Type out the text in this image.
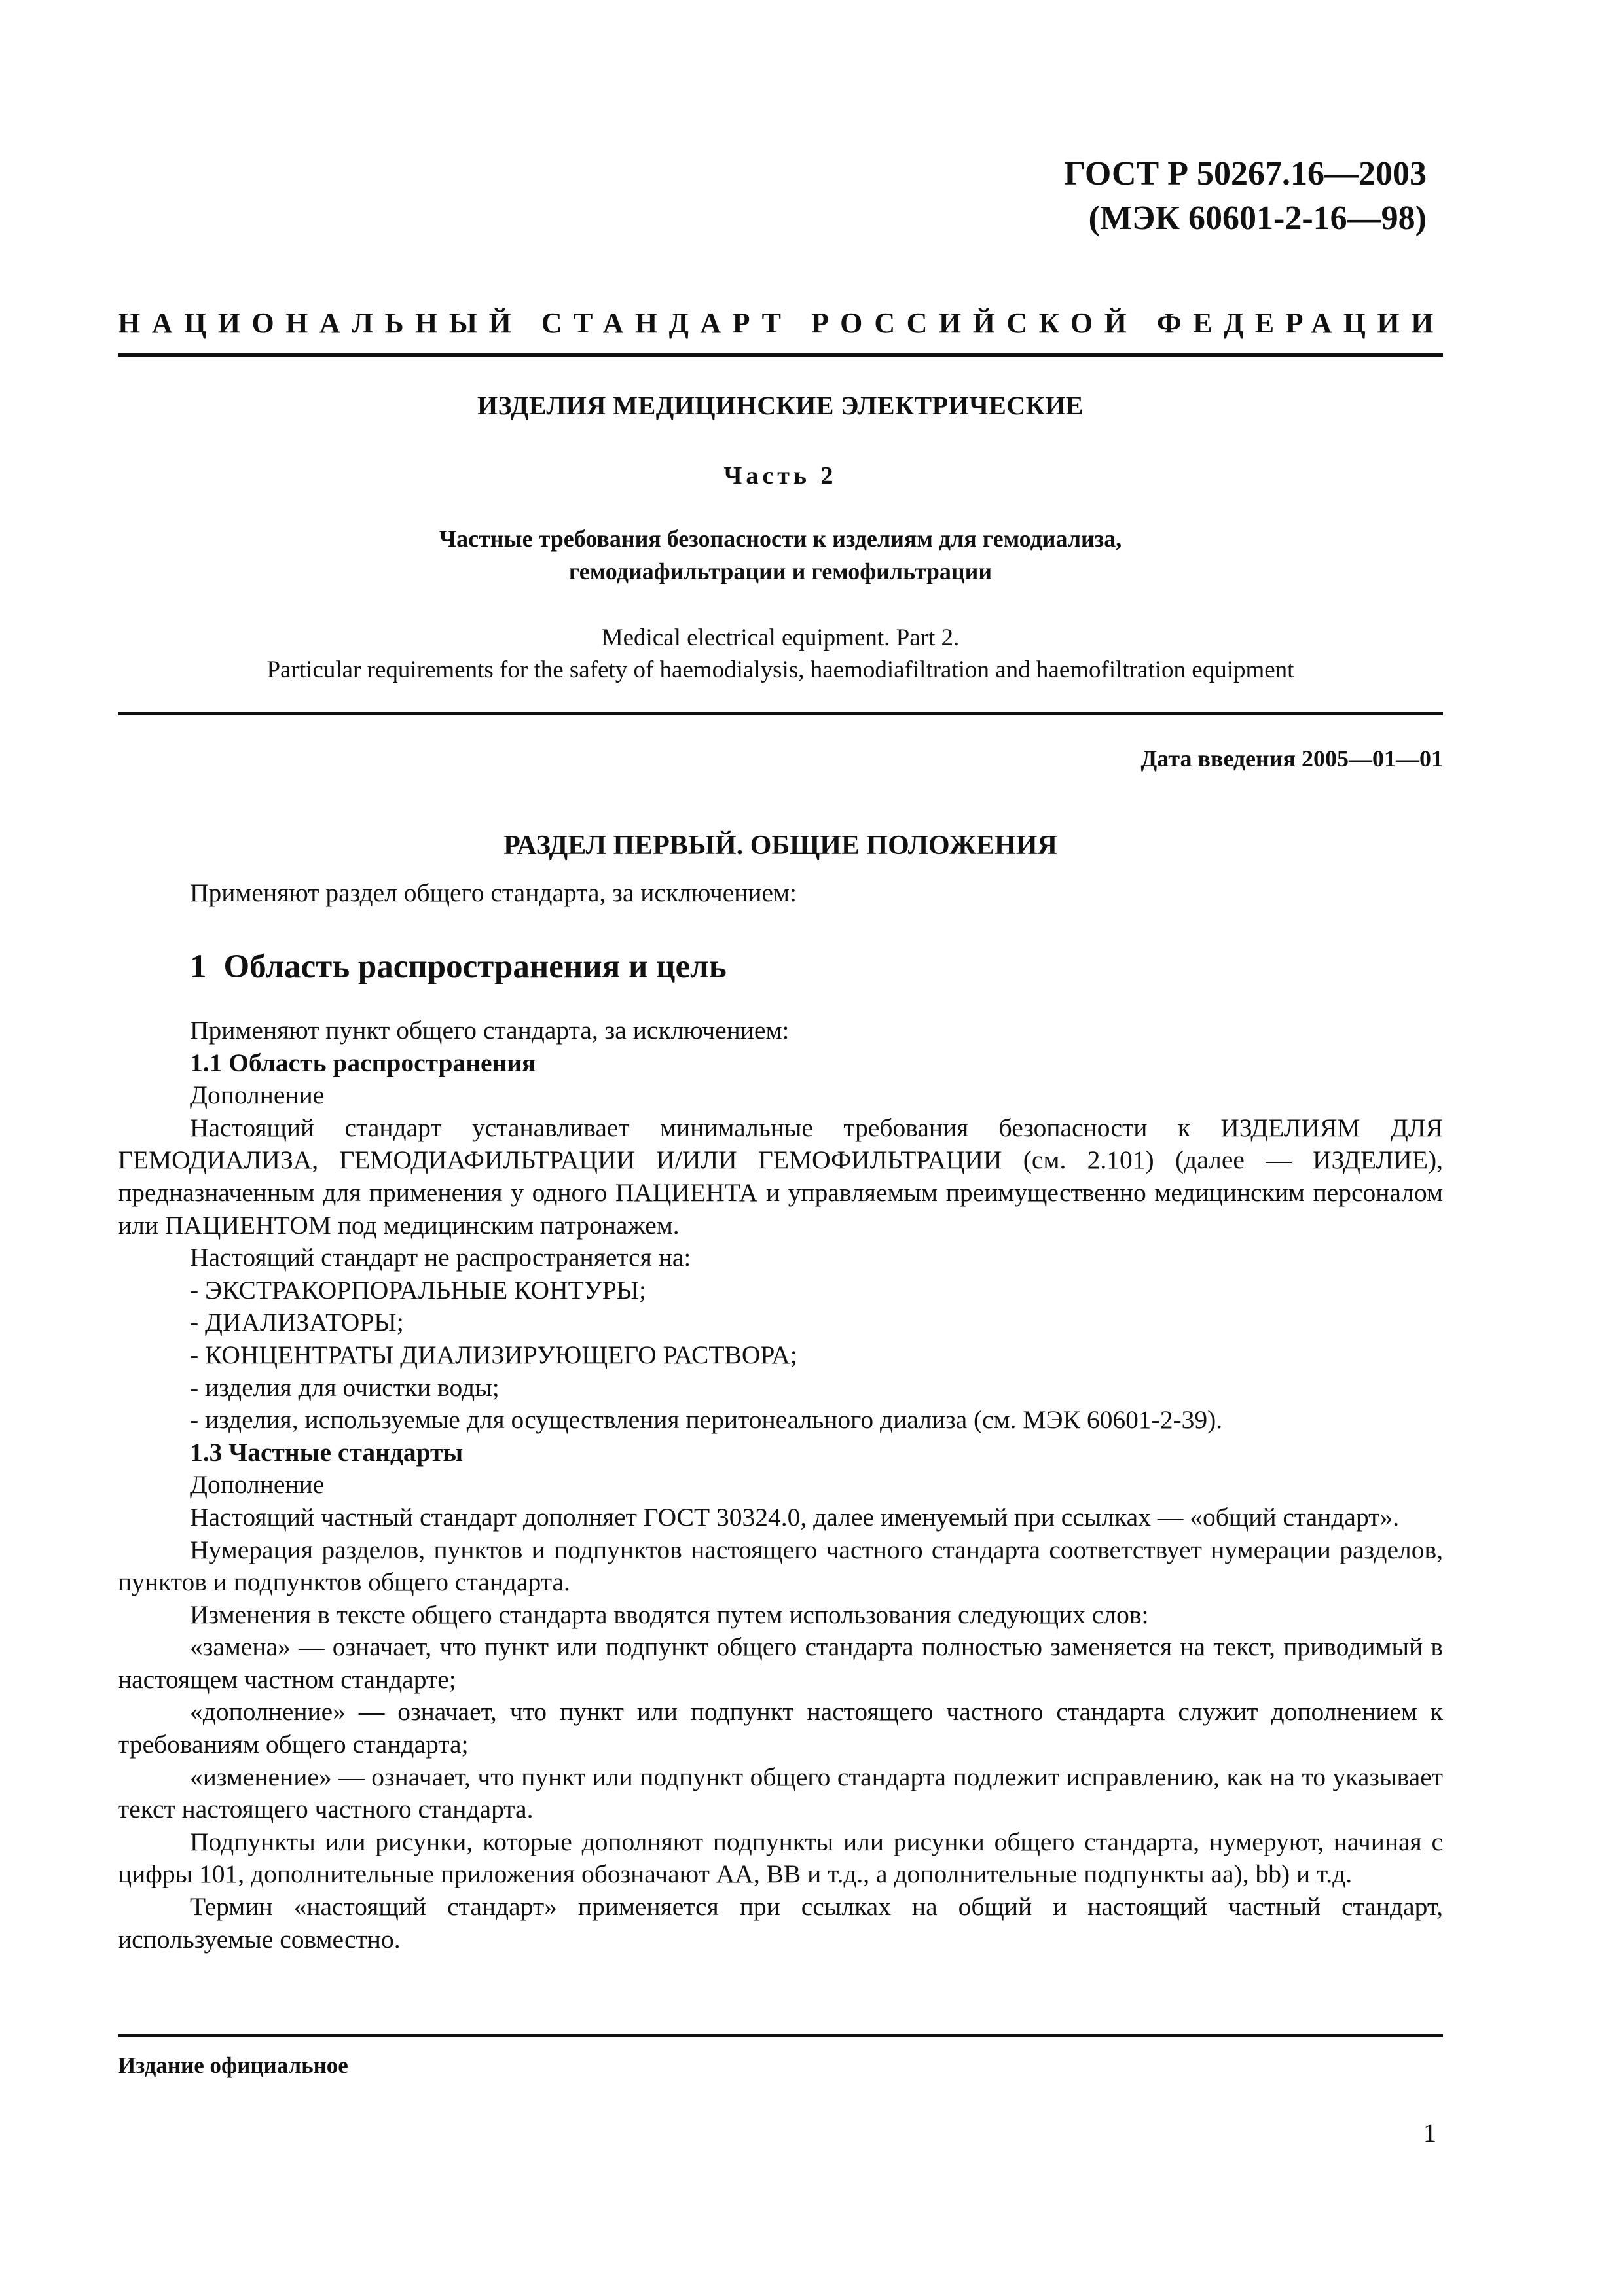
ГОСТ Р 50267.16—2003
(МЭК 60601-2-16—98)
НАЦИОНАЛЬНЫЙ СТАНДАРТ РОССИЙСКОЙ ФЕДЕРАЦИИ
ИЗДЕЛИЯ МЕДИЦИНСКИЕ ЭЛЕКТРИЧЕСКИЕ
Часть 2
Частные требования безопасности к изделиям для гемодиализа,
гемодиафильтрации и гемофильтрации
Medical electrical equipment. Part 2.
Particular requirements for the safety of haemodialysis, haemodiafiltration and haemofiltration equipment
Дата введения 2005—01—01
РАЗДЕЛ ПЕРВЫЙ. ОБЩИЕ ПОЛОЖЕНИЯ

Применяют раздел общего стандарта, за исключением:

1 Область распространения и цель

Применяют пункт общего стандарта, за исключением:

1.1 Область распространения

Дополнение

Настоящий стандарт устанавливает минимальные требования безопасности к ИЗДЕЛИЯМ ДЛЯ ГЕМОДИАЛИЗА, ГЕМОДИАФИЛЬТРАЦИИ И/ИЛИ ГЕМОФИЛЬТРАЦИИ (см. 2.101) (далее — ИЗДЕЛИЕ), предназначенным для применения у одного ПАЦИЕНТА и управляемым преимущественно медицинским персоналом или ПАЦИЕНТОМ под медицинским патронажем.

Настоящий стандарт не распространяется на:

- ЭКСТРАКОРПОРАЛЬНЫЕ КОНТУРЫ;

- ДИАЛИЗАТОРЫ;

- КОНЦЕНТРАТЫ ДИАЛИЗИРУЮЩЕГО РАСТВОРА;

- изделия для очистки воды;

- изделия, используемые для осуществления перитонеального диализа (см. МЭК 60601-2-39).

1.3 Частные стандарты

Дополнение

Настоящий частный стандарт дополняет ГОСТ 30324.0, далее именуемый при ссылках — «общий стандарт».

Нумерация разделов, пунктов и подпунктов настоящего частного стандарта соответствует нумерации разделов, пунктов и подпунктов общего стандарта.

Изменения в тексте общего стандарта вводятся путем использования следующих слов:

«замена» — означает, что пункт или подпункт общего стандарта полностью заменяется на текст, приводимый в настоящем частном стандарте;

«дополнение» — означает, что пункт или подпункт настоящего частного стандарта служит дополнением к требованиям общего стандарта;

«изменение» — означает, что пункт или подпункт общего стандарта подлежит исправлению, как на то указывает текст настоящего частного стандарта.

Подпункты или рисунки, которые дополняют подпункты или рисунки общего стандарта, нумеруют, начиная с цифры 101, дополнительные приложения обозначают АА, ВВ и т.д., а дополнительные подпункты аа), bb) и т.д.

Термин «настоящий стандарт» применяется при ссылках на общий и настоящий частный стандарт, используемые совместно.

Издание официальное
1
